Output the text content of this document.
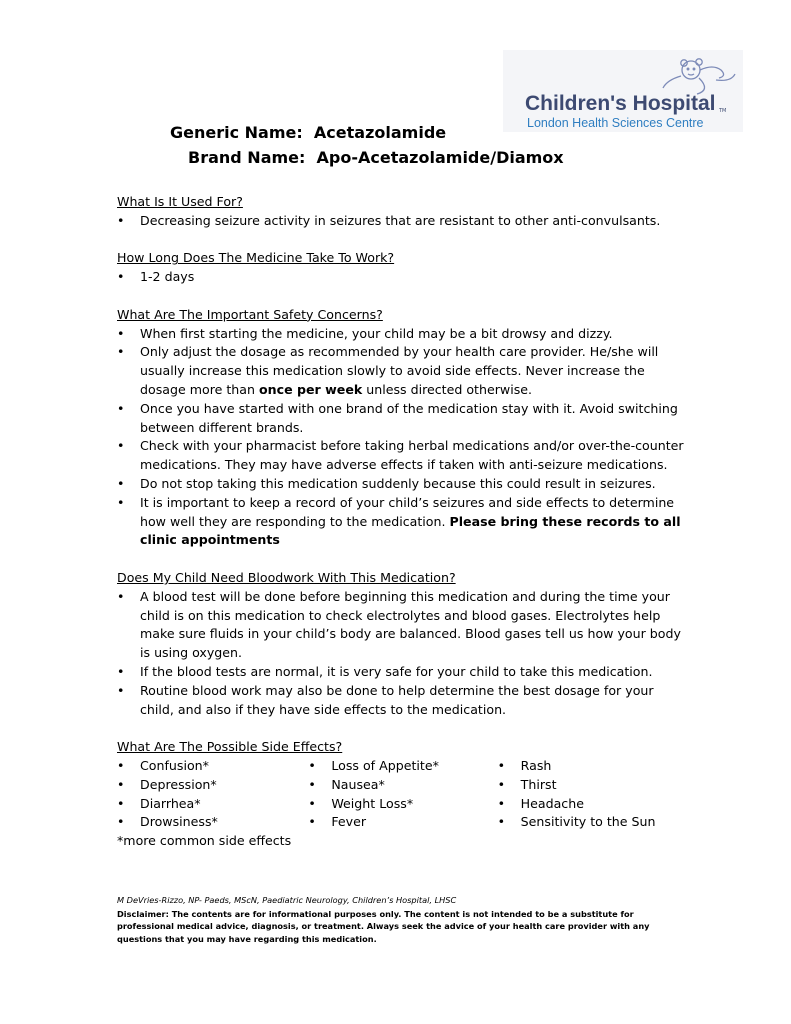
Children's Hospital TM
London Health Sciences Centre
Generic Name:  Acetazolamide
Brand Name:  Apo-Acetazolamide/Diamox
What Is It Used For?
• Decreasing seizure activity in seizures that are resistant to other anti-convulsants.
How Long Does The Medicine Take To Work?
• 1-2 days
What Are The Important Safety Concerns?
• When first starting the medicine, your child may be a bit drowsy and dizzy.
• Only adjust the dosage as recommended by your health care provider. He/she will usually increase this medication slowly to avoid side effects. Never increase the dosage more than once per week unless directed otherwise.
• Once you have started with one brand of the medication stay with it. Avoid switching between different brands.
• Check with your pharmacist before taking herbal medications and/or over-the-counter medications. They may have adverse effects if taken with anti-seizure medications.
• Do not stop taking this medication suddenly because this could result in seizures.
• It is important to keep a record of your child’s seizures and side effects to determine how well they are responding to the medication. Please bring these records to all clinic appointments
Does My Child Need Bloodwork With This Medication?
• A blood test will be done before beginning this medication and during the time your child is on this medication to check electrolytes and blood gases. Electrolytes help make sure fluids in your child’s body are balanced. Blood gases tell us how your body is using oxygen.
• If the blood tests are normal, it is very safe for your child to take this medication.
• Routine blood work may also be done to help determine the best dosage for your child, and also if they have side effects to the medication.
What Are The Possible Side Effects?
• Confusion*
• Depression*
• Diarrhea*
• Drowsiness*
• Loss of Appetite*
• Nausea*
• Weight Loss*
• Fever
• Rash
• Thirst
• Headache
• Sensitivity to the Sun
*more common side effects
M DeVries-Rizzo, NP- Paeds, MScN, Paediatric Neurology, Children’s Hospital, LHSC
Disclaimer: The contents are for informational purposes only. The content is not intended to be a substitute for professional medical advice, diagnosis, or treatment. Always seek the advice of your health care provider with any questions that you may have regarding this medication.
